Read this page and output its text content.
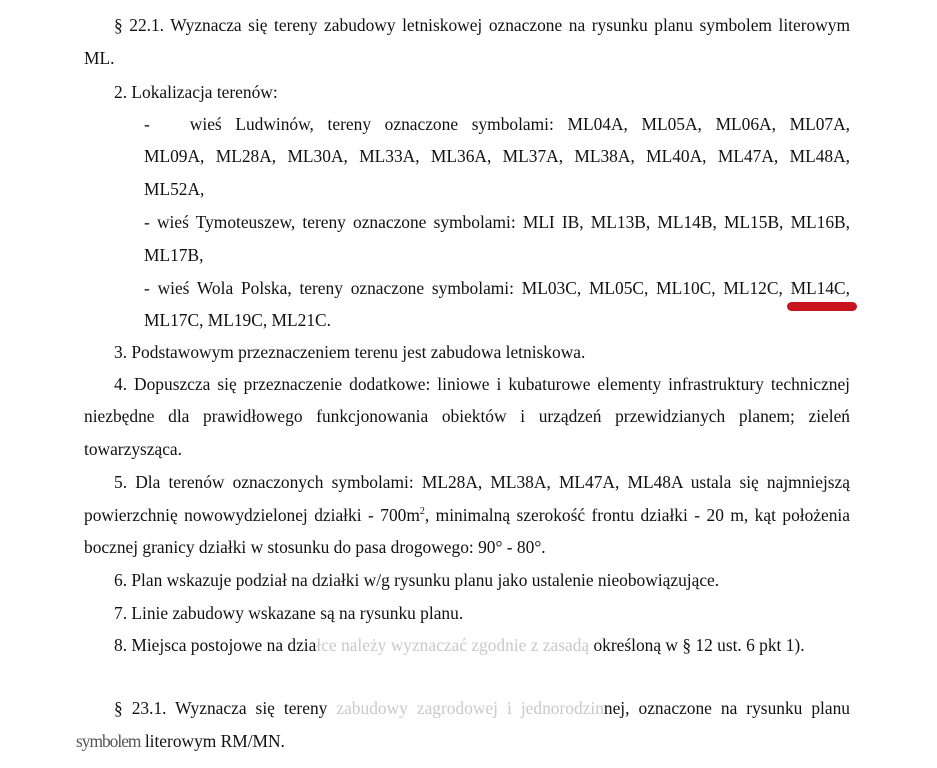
§ 22.1. Wyznacza się tereny zabudowy letniskowej oznaczone na rysunku planu symbolem literowym
ML.
2. Lokalizacja terenów:
- wieś Ludwinów, tereny oznaczone symbolami: ML04A, ML05A, ML06A, ML07A,
ML09A, ML28A, ML30A, ML33A, ML36A, ML37A, ML38A, ML40A, ML47A, ML48A,
ML52A,
- wieś Tymoteuszew, tereny oznaczone symbolami: MLI IB, ML13B, ML14B, ML15B, ML16B,
ML17B,
- wieś Wola Polska, tereny oznaczone symbolami: ML03C, ML05C, ML10C, ML12C, ML14C,
ML17C, ML19C, ML21C.
3. Podstawowym przeznaczeniem terenu jest zabudowa letniskowa.
4. Dopuszcza się przeznaczenie dodatkowe: liniowe i kubaturowe elementy infrastruktury technicznej
niezbędne dla prawidłowego funkcjonowania obiektów i urządzeń przewidzianych planem; zieleń
towarzysząca.
5. Dla terenów oznaczonych symbolami: ML28A, ML38A, ML47A, ML48A ustala się najmniejszą
powierzchnię nowowydzielonej działki - $700m^2$, minimalną szerokość frontu działki - 20 m, kąt położenia
bocznej granicy działki w stosunku do pasa drogowego: 90° - 80°.
6. Plan wskazuje podział na działki w/g rysunku planu jako ustalenie nieobowiązujące.
7. Linie zabudowy wskazane są na rysunku planu.
8. Miejsca postojowe na działce należy wyznaczać zgodnie z zasadą określoną w § 12 ust. 6 pkt 1).
§ 23.1. Wyznacza się tereny zabudowy zagrodowej i jednorodzinnej, oznaczone na rysunku planu
symbolem literowym RM/MN.
